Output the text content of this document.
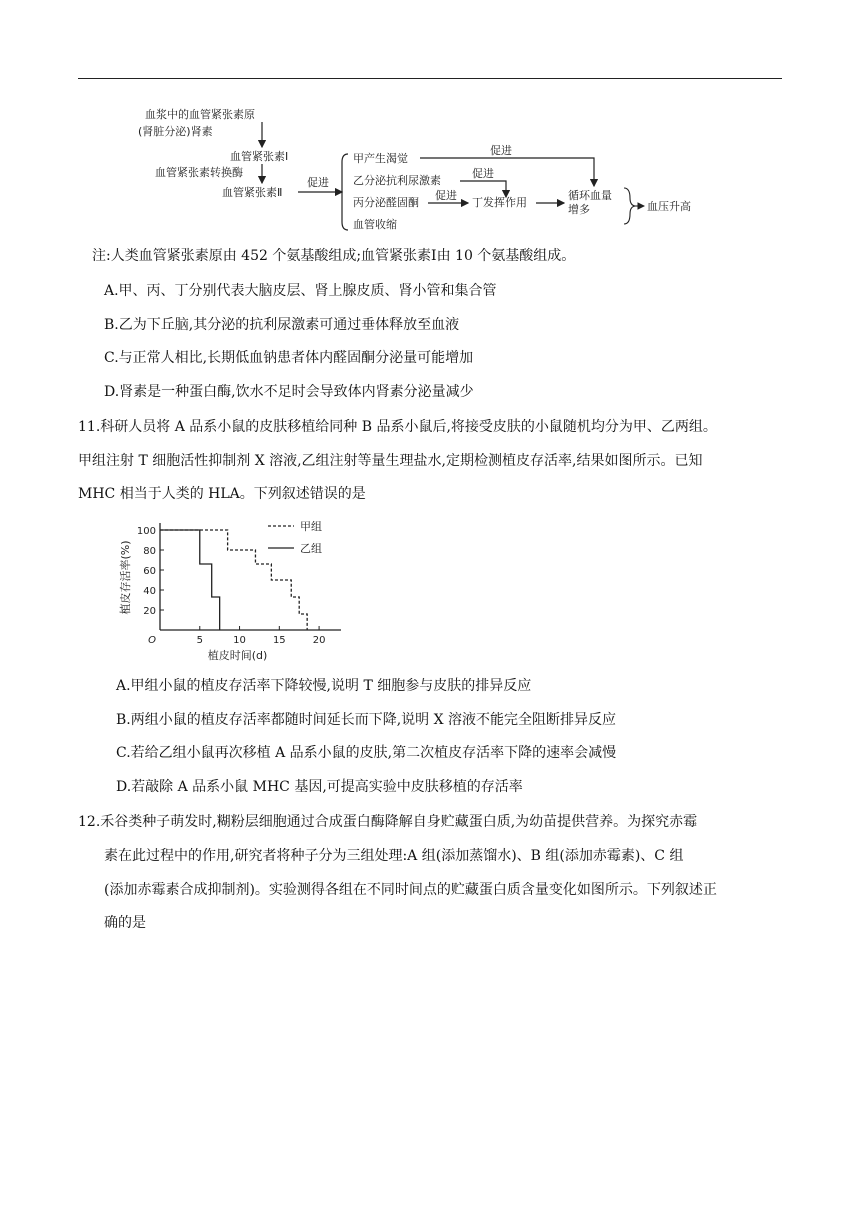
血浆中的血管紧张素原
(肾脏分泌)肾素
血管紧张素Ⅰ
血管紧张素转换酶
血管紧张素Ⅱ
促进
甲产生渴觉
乙分泌抗利尿激素
丙分泌醛固酮
血管收缩
促进
促进
促进
丁发挥作用
循环血量
增多	血压升高
注:人类血管紧张素原由 452 个氨基酸组成;血管紧张素Ⅰ由 10 个氨基酸组成。
A.甲、丙、丁分别代表大脑皮层、肾上腺皮质、肾小管和集合管
B.乙为下丘脑,其分泌的抗利尿激素可通过垂体释放至血液
C.与正常人相比,长期低血钠患者体内醛固酮分泌量可能增加
D.肾素是一种蛋白酶,饮水不足时会导致体内肾素分泌量减少
11.科研人员将 A 品系小鼠的皮肤移植给同种 B 品系小鼠后,将接受皮肤的小鼠随机均分为甲、乙两组。
甲组注射 T 细胞活性抑制剂 X 溶液,乙组注射等量生理盐水,定期检测植皮存活率,结果如图所示。已知
MHC 相当于人类的 HLA。下列叙述错误的是
20
40
60
80
100
5	10	15	20
O
植皮时间(d)
植皮存活率(%)
甲组
乙组
A.甲组小鼠的植皮存活率下降较慢,说明 T 细胞参与皮肤的排异反应
B.两组小鼠的植皮存活率都随时间延长而下降,说明 X 溶液不能完全阻断排异反应
C.若给乙组小鼠再次移植 A 品系小鼠的皮肤,第二次植皮存活率下降的速率会减慢
D.若敲除 A 品系小鼠 MHC 基因,可提高实验中皮肤移植的存活率
12.禾谷类种子萌发时,糊粉层细胞通过合成蛋白酶降解自身贮藏蛋白质,为幼苗提供营养。为探究赤霉
素在此过程中的作用,研究者将种子分为三组处理:A 组(添加蒸馏水)、B 组(添加赤霉素)、C 组
(添加赤霉素合成抑制剂)。实验测得各组在不同时间点的贮藏蛋白质含量变化如图所示。下列叙述正
确的是
